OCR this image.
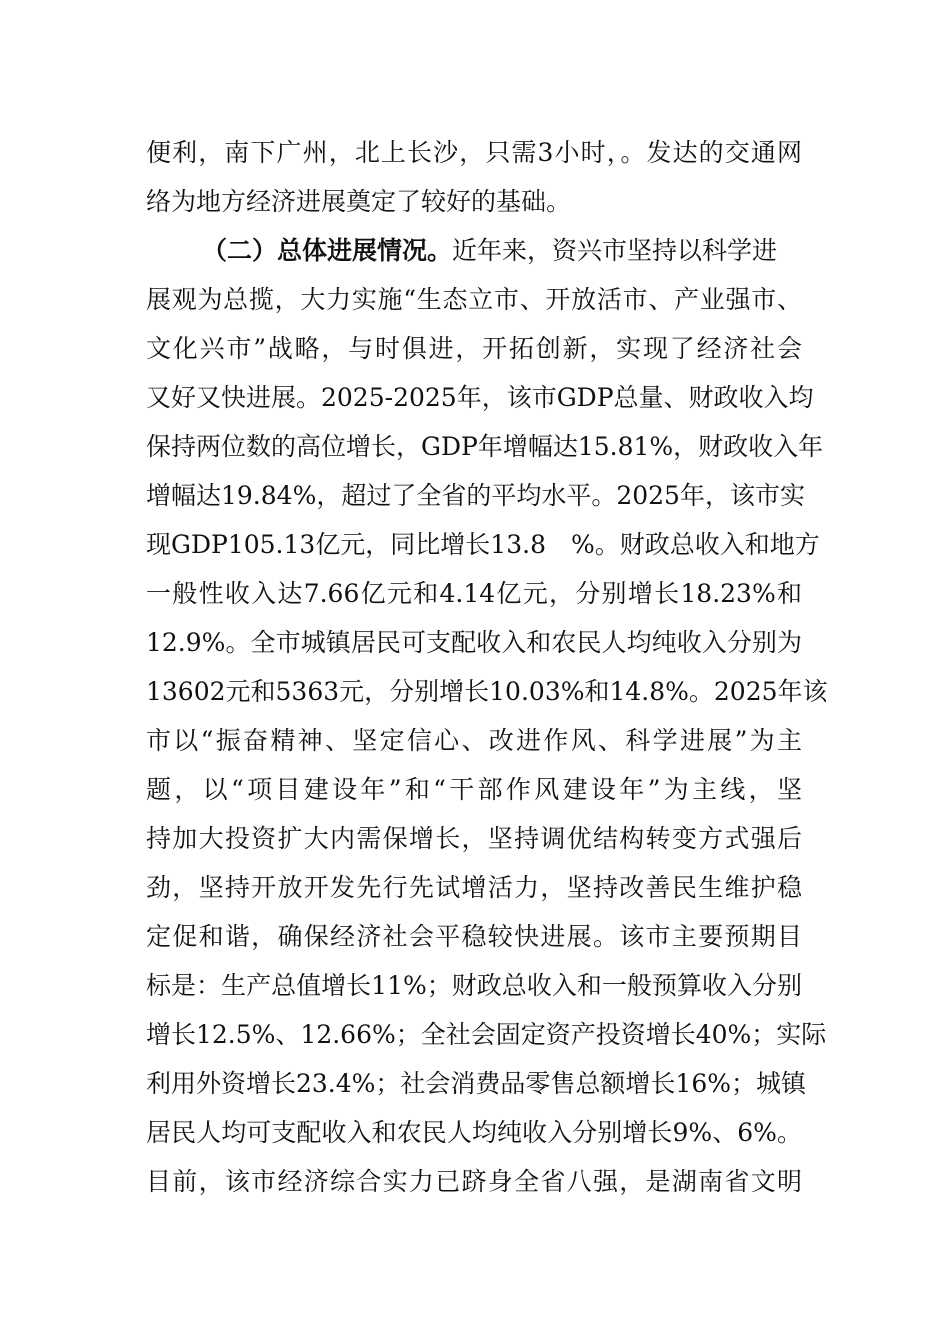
便利，南下广州，北上长沙，只需3小时，。发达的交通网
络为地方经济进展奠定了较好的基础。
（二）总体进展情况。近年来，资兴市坚持以科学进
展观为总揽，大力实施“生态立市、开放活市、产业强市、
文化兴市”战略，与时俱进，开拓创新，实现了经济社会
又好又快进展。2025-2025年，该市GDP总量、财政收入均
保持两位数的高位增长，GDP年增幅达15.81%，财政收入年
增幅达19.84%，超过了全省的平均水平。2025年，该市实
现GDP105.13亿元，同比增长13.8　%。财政总收入和地方
一般性收入达7.66亿元和4.14亿元，分别增长18.23%和
12.9%。全市城镇居民可支配收入和农民人均纯收入分别为
13602元和5363元，分别增长10.03%和14.8%。2025年该
市以“振奋精神、坚定信心、改进作风、科学进展”为主
题，以“项目建设年”和“干部作风建设年”为主线，坚
持加大投资扩大内需保增长，坚持调优结构转变方式强后
劲，坚持开放开发先行先试增活力，坚持改善民生维护稳
定促和谐，确保经济社会平稳较快进展。该市主要预期目
标是：生产总值增长11%；财政总收入和一般预算收入分别
增长12.5%、12.66%；全社会固定资产投资增长40%；实际
利用外资增长23.4%；社会消费品零售总额增长16%；城镇
居民人均可支配收入和农民人均纯收入分别增长9%、6%。
目前，该市经济综合实力已跻身全省八强，是湖南省文明
